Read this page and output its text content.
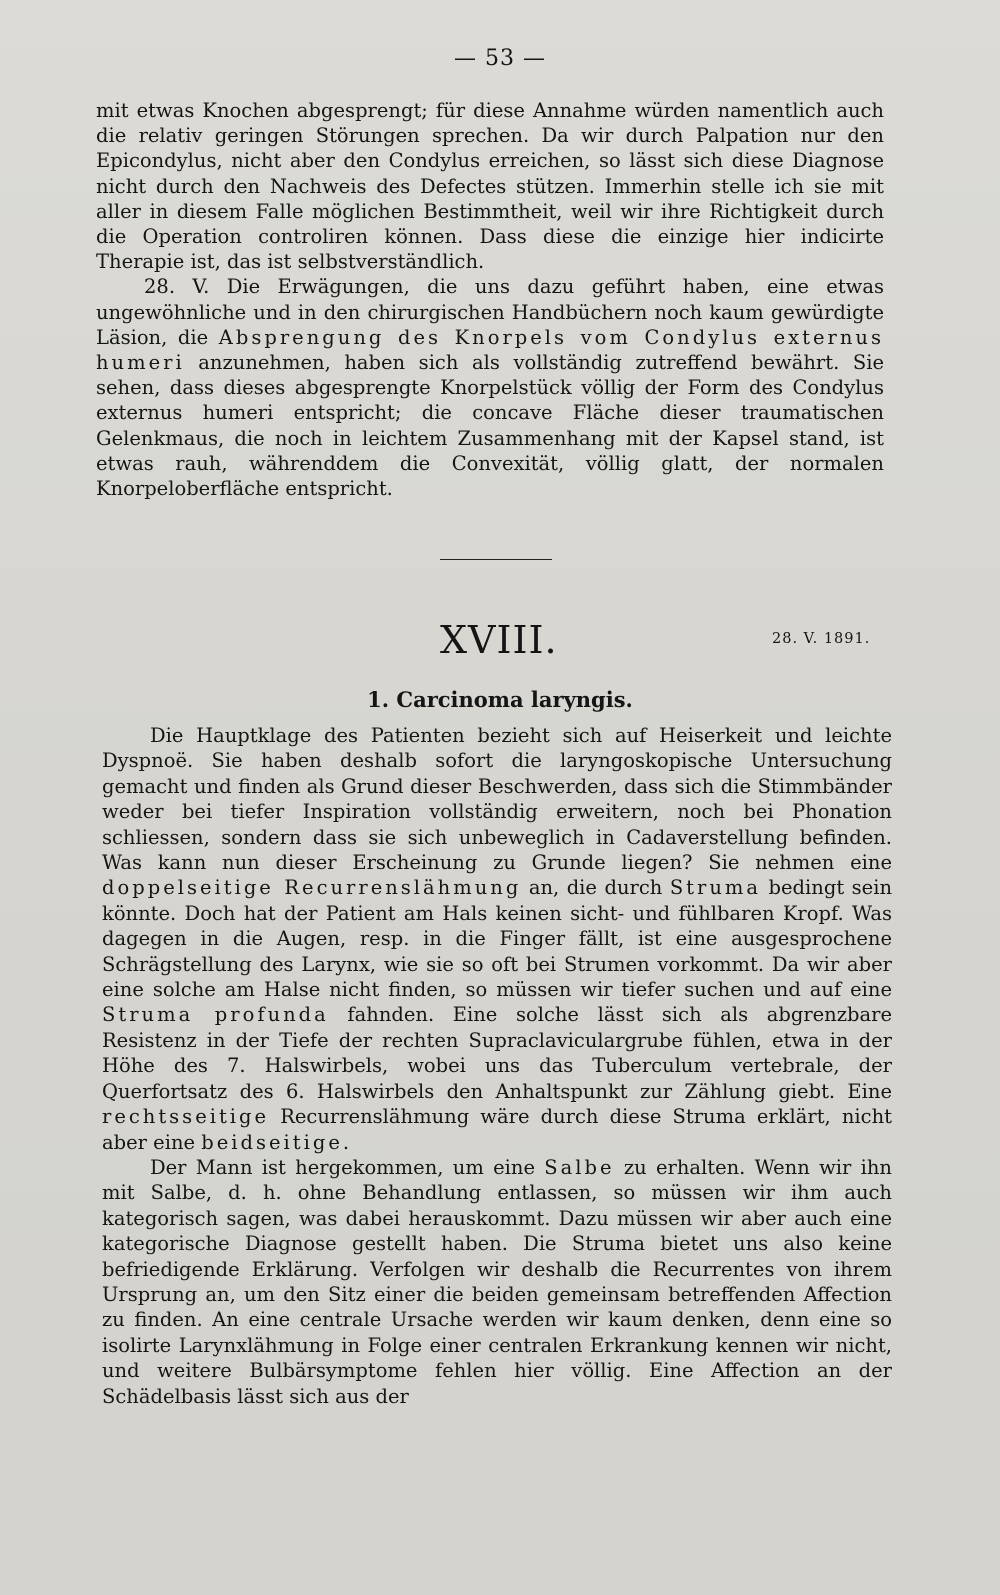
— 53 —

mit etwas Knochen abgesprengt; für diese Annahme würden namentlich auch die relativ geringen Störungen sprechen. Da wir durch Palpation nur den Epicondylus, nicht aber den Condylus erreichen, so lässt sich diese Diagnose nicht durch den Nachweis des Defectes stützen. Immerhin stelle ich sie mit aller in diesem Falle möglichen Bestimmtheit, weil wir ihre Richtigkeit durch die Operation controliren können. Dass diese die einzige hier indicirte Therapie ist, das ist selbstverständlich.

28. V. Die Erwägungen, die uns dazu geführt haben, eine etwas ungewöhnliche und in den chirurgischen Handbüchern noch kaum gewürdigte Läsion, die Absprengung des Knorpels vom Condylus externus humeri anzunehmen, haben sich als vollständig zutreffend bewährt. Sie sehen, dass dieses abgesprengte Knorpelstück völlig der Form des Condylus externus humeri entspricht; die concave Fläche dieser traumatischen Gelenkmaus, die noch in leichtem Zusammenhang mit der Kapsel stand, ist etwas rauh, währenddem die Convexität, völlig glatt, der normalen Knorpeloberfläche entspricht.

XVIII.	28. V. 1891.
1. Carcinoma laryngis.

Die Hauptklage des Patienten bezieht sich auf Heiserkeit und leichte Dyspnoë. Sie haben deshalb sofort die laryngoskopische Untersuchung gemacht und finden als Grund dieser Beschwerden, dass sich die Stimmbänder weder bei tiefer Inspiration vollständig erweitern, noch bei Phonation schliessen, sondern dass sie sich unbeweglich in Cadaverstellung befinden. Was kann nun dieser Erscheinung zu Grunde liegen? Sie nehmen eine doppelseitige Recurrenslähmung an, die durch Struma bedingt sein könnte. Doch hat der Patient am Hals keinen sicht- und fühlbaren Kropf. Was dagegen in die Augen, resp. in die Finger fällt, ist eine ausgesprochene Schrägstellung des Larynx, wie sie so oft bei Strumen vorkommt. Da wir aber eine solche am Halse nicht finden, so müssen wir tiefer suchen und auf eine Struma profunda fahnden. Eine solche lässt sich als abgrenzbare Resistenz in der Tiefe der rechten Supraclaviculargrube fühlen, etwa in der Höhe des 7. Halswirbels, wobei uns das Tuberculum vertebrale, der Querfortsatz des 6. Halswirbels den Anhaltspunkt zur Zählung giebt. Eine rechtsseitige Recurrenslähmung wäre durch diese Struma erklärt, nicht aber eine beidseitige.

Der Mann ist hergekommen, um eine Salbe zu erhalten. Wenn wir ihn mit Salbe, d. h. ohne Behandlung entlassen, so müssen wir ihm auch kategorisch sagen, was dabei herauskommt. Dazu müssen wir aber auch eine kategorische Diagnose gestellt haben. Die Struma bietet uns also keine befriedigende Erklärung. Verfolgen wir deshalb die Recurrentes von ihrem Ursprung an, um den Sitz einer die beiden gemeinsam betreffenden Affection zu finden. An eine centrale Ursache werden wir kaum denken, denn eine so isolirte Larynxlähmung in Folge einer centralen Erkrankung kennen wir nicht, und weitere Bulbärsymptome fehlen hier völlig. Eine Affection an der Schädelbasis lässt sich aus der
